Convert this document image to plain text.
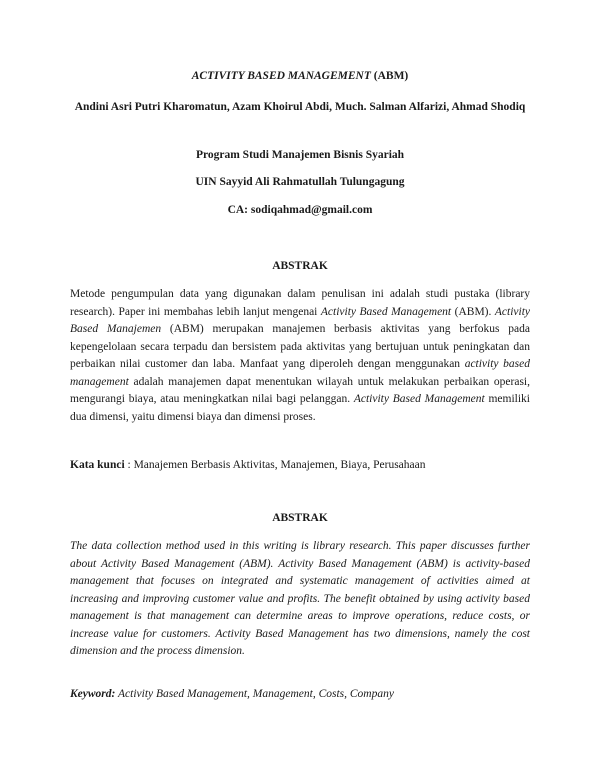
ACTIVITY BASED MANAGEMENT (ABM)
Andini Asri Putri Kharomatun, Azam Khoirul Abdi, Much. Salman Alfarizi, Ahmad Shodiq
Program Studi Manajemen Bisnis Syariah
UIN Sayyid Ali Rahmatullah Tulungagung
CA: sodiqahmad@gmail.com
ABSTRAK
Metode pengumpulan data yang digunakan dalam penulisan ini adalah studi pustaka (library research). Paper ini membahas lebih lanjut mengenai Activity Based Management (ABM). Activity Based Manajemen (ABM) merupakan manajemen berbasis aktivitas yang berfokus pada kepengelolaan secara terpadu dan bersistem pada aktivitas yang bertujuan untuk peningkatan dan perbaikan nilai customer dan laba. Manfaat yang diperoleh dengan menggunakan activity based management adalah manajemen dapat menentukan wilayah untuk melakukan perbaikan operasi, mengurangi biaya, atau meningkatkan nilai bagi pelanggan. Activity Based Management memiliki dua dimensi, yaitu dimensi biaya dan dimensi proses.
Kata kunci : Manajemen Berbasis Aktivitas, Manajemen, Biaya, Perusahaan
ABSTRAK
The data collection method used in this writing is library research. This paper discusses further about Activity Based Management (ABM). Activity Based Management (ABM) is activity-based management that focuses on integrated and systematic management of activities aimed at increasing and improving customer value and profits. The benefit obtained by using activity based management is that management can determine areas to improve operations, reduce costs, or increase value for customers. Activity Based Management has two dimensions, namely the cost dimension and the process dimension.
Keyword: Activity Based Management, Management, Costs, Company
